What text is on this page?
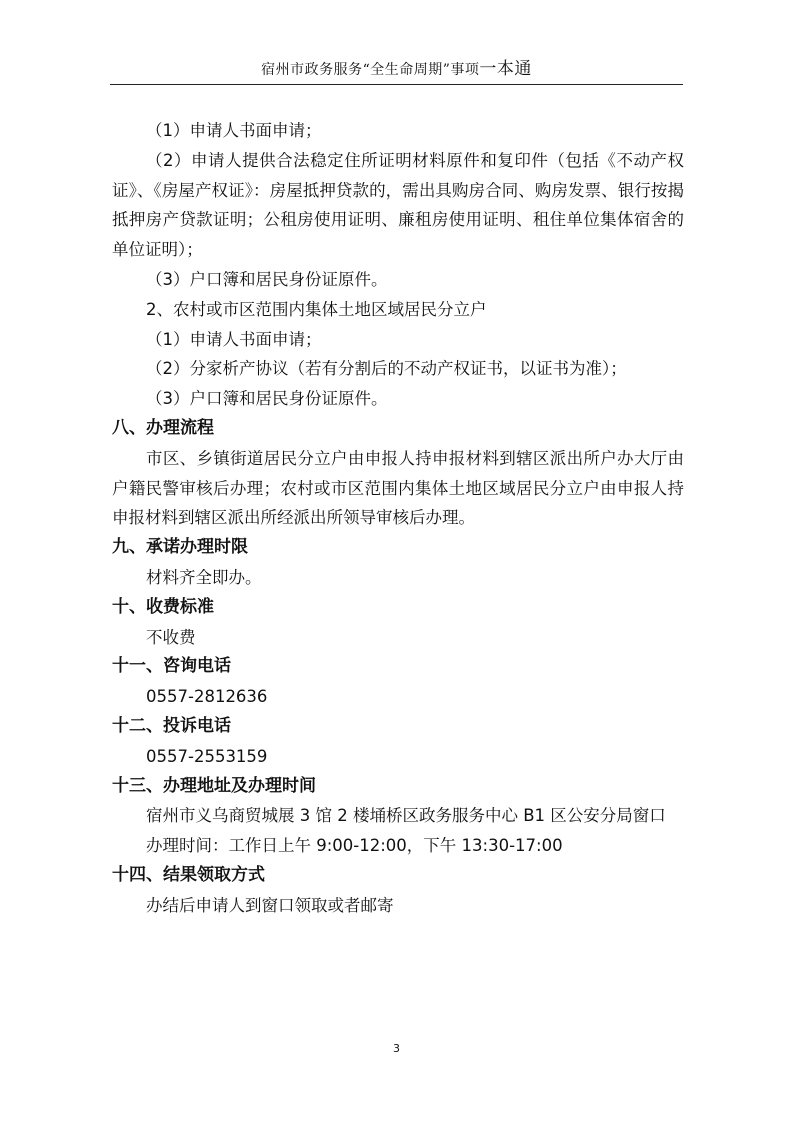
宿州市政务服务“全生命周期”事项一本通
（1）申请人书面申请；
（2）申请人提供合法稳定住所证明材料原件和复印件（包括《不动产权证》、《房屋产权证》：房屋抵押贷款的，需出具购房合同、购房发票、银行按揭抵押房产贷款证明；公租房使用证明、廉租房使用证明、租住单位集体宿舍的单位证明）；
（3）户口簿和居民身份证原件。
2、农村或市区范围内集体土地区域居民分立户
（1）申请人书面申请；
（2）分家析产协议（若有分割后的不动产权证书，以证书为准）；
（3）户口簿和居民身份证原件。
八、办理流程
市区、乡镇街道居民分立户由申报人持申报材料到辖区派出所户办大厅由户籍民警审核后办理；农村或市区范围内集体土地区域居民分立户由申报人持申报材料到辖区派出所经派出所领导审核后办理。
九、承诺办理时限
材料齐全即办。
十、收费标准
不收费
十一、咨询电话
0557-2812636
十二、投诉电话
0557-2553159
十三、办理地址及办理时间
宿州市义乌商贸城展 3 馆 2 楼埇桥区政务服务中心 B1 区公安分局窗口
办理时间：工作日上午 9:00-12:00，下午 13:30-17:00
十四、结果领取方式
办结后申请人到窗口领取或者邮寄
3
